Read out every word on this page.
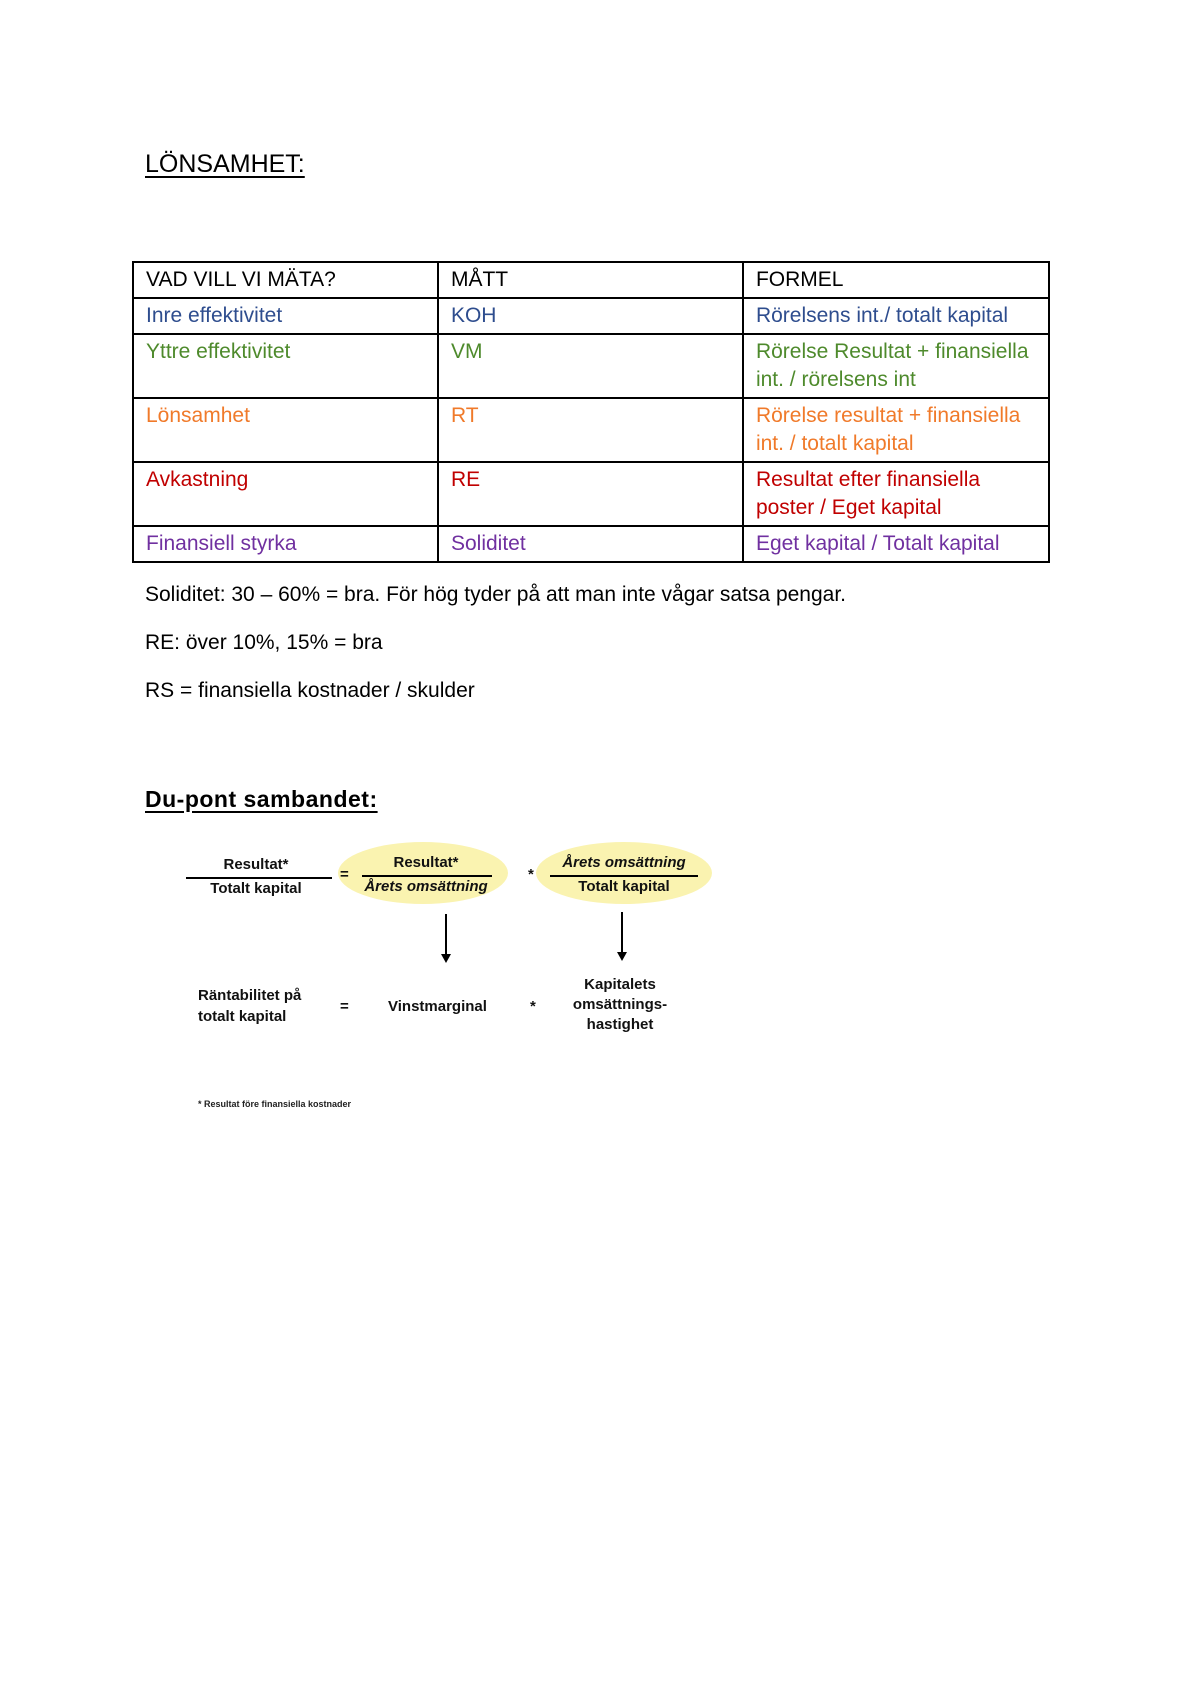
LÖNSAMHET:
VAD VILL VI MÄTA?	MÅTT	FORMEL
Inre effektivitet	KOH	Rörelsens int./ totalt kapital
Yttre effektivitet	VM	Rörelse Resultat + finansiella int. / rörelsens int
Lönsamhet	RT	Rörelse resultat + finansiella int. / totalt kapital
Avkastning	RE	Resultat efter finansiella poster / Eget kapital
Finansiell styrka	Soliditet	Eget kapital / Totalt kapital

Soliditet: 30 – 60% = bra. För hög tyder på att man inte vågar satsa pengar.

RE: över 10%, 15% = bra

RS = finansiella kostnader / skulder

Du-pont sambandet:
Resultat*
Totalt kapital
=
Resultat*
Årets omsättning
*
Årets omsättning
Totalt kapital
Räntabilitet på
totalt kapital
=	Vinstmarginal	*
Kapitalets
omsättnings-
hastighet
* Resultat före finansiella kostnader
